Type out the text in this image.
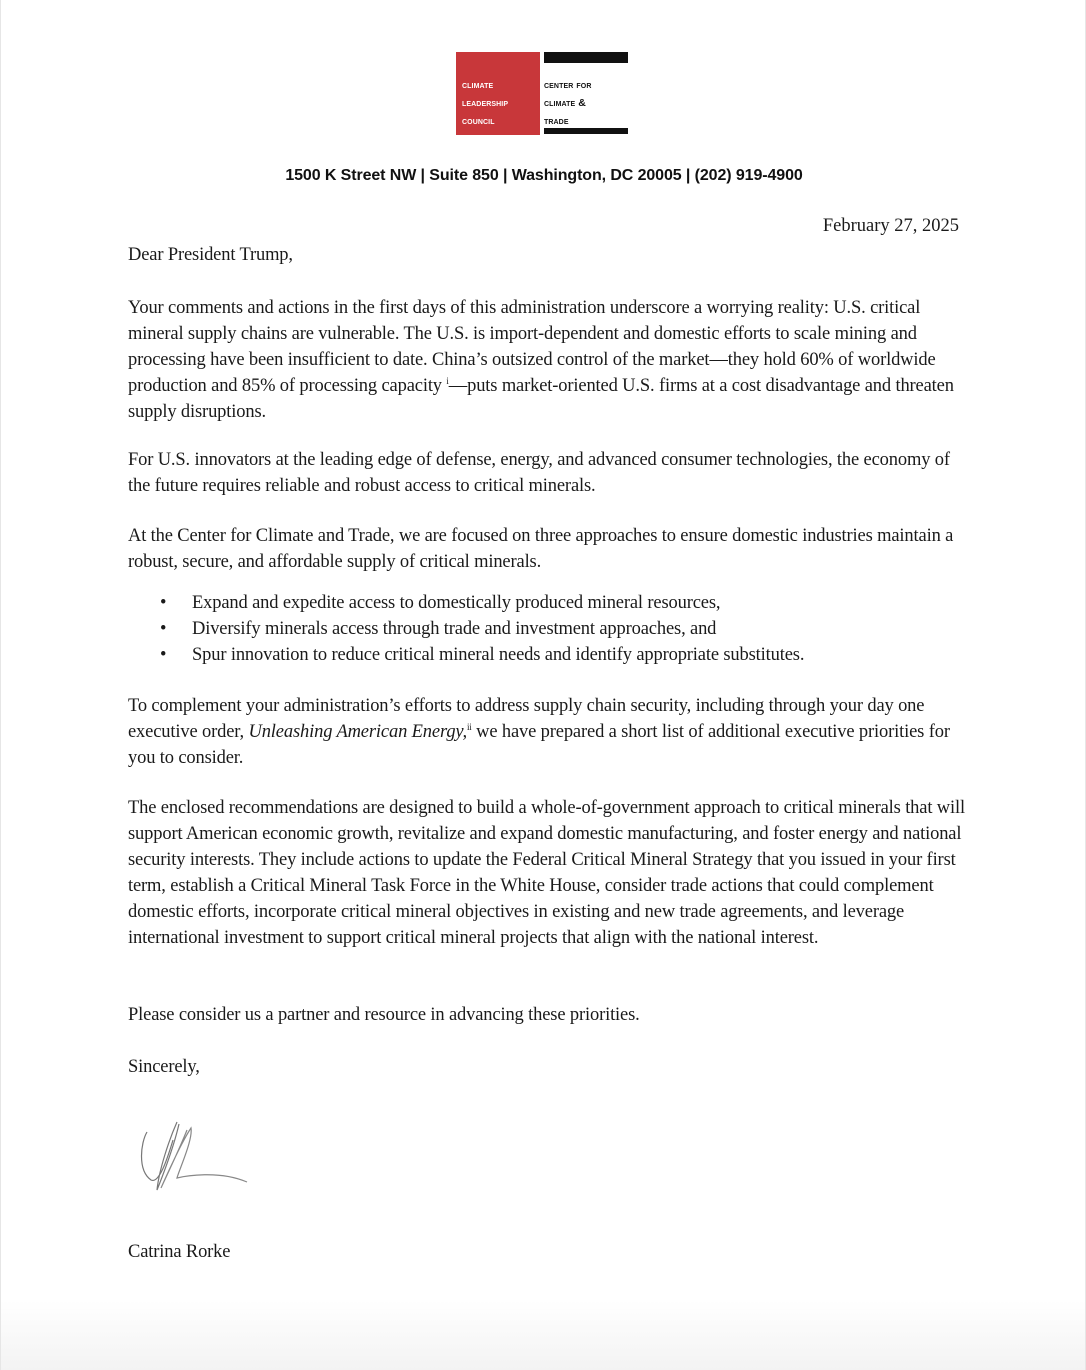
climate
leadership
council
center for
climate &
trade
1500 K Street NW | Suite 850 | Washington, DC 20005 | (202) 919-4900
February 27, 2025
Dear President Trump,
Your comments and actions in the first days of this administration underscore a worrying reality: U.S. critical mineral supply chains are vulnerable. The U.S. is import-dependent and domestic efforts to scale mining and processing have been insufficient to date. China’s outsized control of the market—they hold 60% of worldwide production and 85% of processing capacity $^i$—puts market-oriented U.S. firms at a cost disadvantage and threaten supply disruptions.
For U.S. innovators at the leading edge of defense, energy, and advanced consumer technologies, the economy of the future requires reliable and robust access to critical minerals.
At the Center for Climate and Trade, we are focused on three approaches to ensure domestic industries maintain a robust, secure, and affordable supply of critical minerals.
• Expand and expedite access to domestically produced mineral resources,
• Diversify minerals access through trade and investment approaches, and
• Spur innovation to reduce critical mineral needs and identify appropriate substitutes.
To complement your administration’s efforts to address supply chain security, including through your day one executive order, Unleashing American Energy,$^{ii}$ we have prepared a short list of additional executive priorities for you to consider.
The enclosed recommendations are designed to build a whole-of-government approach to critical minerals that will support American economic growth, revitalize and expand domestic manufacturing, and foster energy and national security interests. They include actions to update the Federal Critical Mineral Strategy that you issued in your first term, establish a Critical Mineral Task Force in the White House, consider trade actions that could complement domestic efforts, incorporate critical mineral objectives in existing and new trade agreements, and leverage international investment to support critical mineral projects that align with the national interest.
Please consider us a partner and resource in advancing these priorities.
Sincerely,
Catrina Rorke
